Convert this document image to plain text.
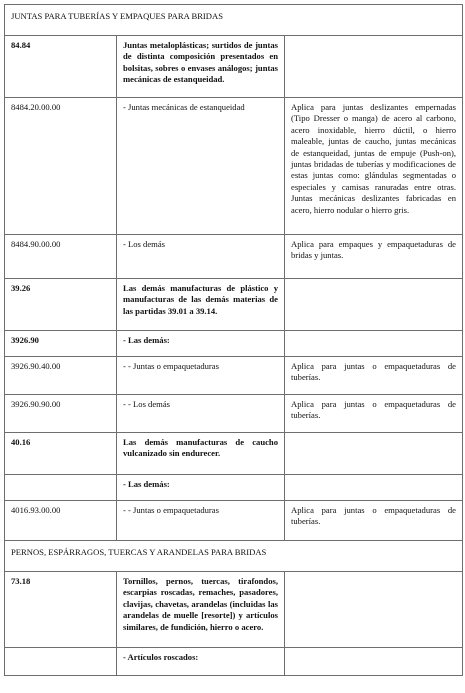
JUNTAS PARA TUBERÍAS Y EMPAQUES PARA BRIDAS		
84.84	Juntas metaloplásticas; surtidos de juntas de distinta composición presentados en bolsitas, sobres o envases análogos; juntas mecánicas de estanqueidad.	
8484.20.00.00	- Juntas mecánicas de estanqueidad	Aplica para juntas deslizantes empernadas (Tipo Dresser o manga) de acero al carbono, acero inoxidable, hierro dúctil, o hierro maleable, juntas de caucho, juntas mecánicas de estanqueidad, juntas de empuje (Push-on), juntas bridadas de tuberías y modificaciones de estas juntas como: glándulas segmentadas o especiales y camisas ranuradas entre otras. Juntas mecánicas deslizantes fabricadas en acero, hierro nodular o hierro gris.
8484.90.00.00	- Los demás	Aplica para empaques y empaquetaduras de bridas y juntas.
39.26	Las demás manufacturas de plástico y manufacturas de las demás materias de las partidas 39.01 a 39.14.	
3926.90	- Las demás:	
3926.90.40.00	- - Juntas o empaquetaduras	Aplica para juntas o empaquetaduras de tuberías.
3926.90.90.00	- - Los demás	Aplica para juntas o empaquetaduras de tuberías.
40.16	Las demás manufacturas de caucho vulcanizado sin endurecer.	
	- Las demás:	
4016.93.00.00	- - Juntas o empaquetaduras	Aplica para juntas o empaquetaduras de tuberías.
PERNOS, ESPÁRRAGOS, TUERCAS Y ARANDELAS PARA BRIDAS		
73.18	Tornillos, pernos, tuercas, tirafondos, escarpias roscadas, remaches, pasadores, clavijas, chavetas, arandelas (incluidas las arandelas de muelle [resorte]) y artículos similares, de fundición, hierro o acero.	
	- Artículos roscados:	
